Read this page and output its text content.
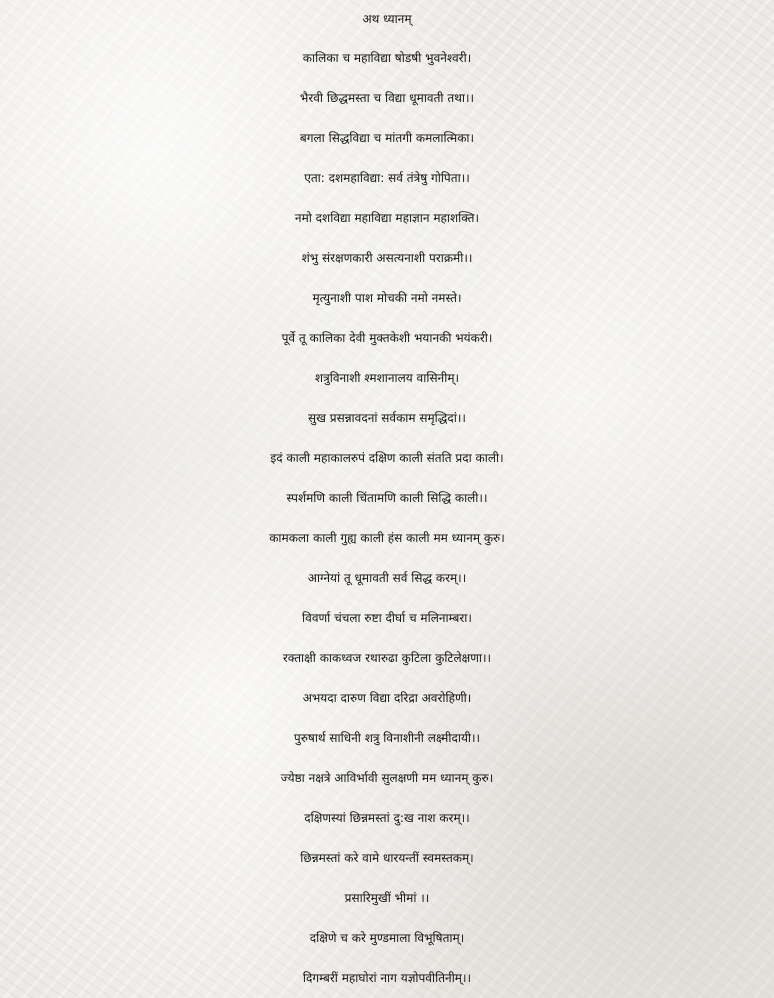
अथ ध्यानम्
कालिका च महाविद्या षोडषी भुवनेश्वरी।
भैरवी छिद्धमस्ता च विद्या धूमावती तथा।।
बगला सिद्धविद्या च मांतगी कमलात्मिका।
एता: दशमहाविद्या: सर्व तंत्रेषु गोपिता।।
नमो दशविद्या महाविद्या महाज्ञान महाशक्ति।
शंभु संरक्षणकारी असत्यनाशी पराक्रमी।।
मृत्युनाशी पाश मोचकी नमो नमस्ते।
पूर्वे तू कालिका देवी मुक्तकेशी भयानकी भयंकरी।
शत्रुविनाशी श्मशानालय वासिनीम्।
सुख प्रसन्नावदनां सर्वकाम समृद्धिदां।।
इदं काली महाकालरुपं दक्षिण काली संतति प्रदा काली।
स्पर्शमणि काली चिंतामणि काली सिद्धि काली।।
कामकला काली गुह्य काली हंस काली मम ध्यानम् कुरु।
आग्नेयां तू धूमावती सर्व सिद्ध करम्।।
विवर्णा चंचला रुष्टा दीर्घा च मलिनाम्बरा।
रक्ताक्षी काकध्वज रथारुढा कुटिला कुटिलेक्षणा।।
अभयदा दारुण विद्या दरिद्रा अवरोहिणी।
पुरुषार्थ साधिनी शत्रु विनाशीनी लक्ष्मीदायी।।
ज्येष्ठा नक्षत्रे आविर्भावी सुलक्षणी मम ध्यानम् कुरु।
दक्षिणस्यां छिन्नमस्तां दु:ख नाश करम्।।
छिन्नमस्तां करे वामे धारयन्तीं स्वमस्तकम्।
प्रसारिमुखीं भीमां ।।
दक्षिणे च करे मुण्डमाला विभूषिताम्।
दिगम्बरीं महाघोरां नाग यज्ञोपवीतिनीम्।।
